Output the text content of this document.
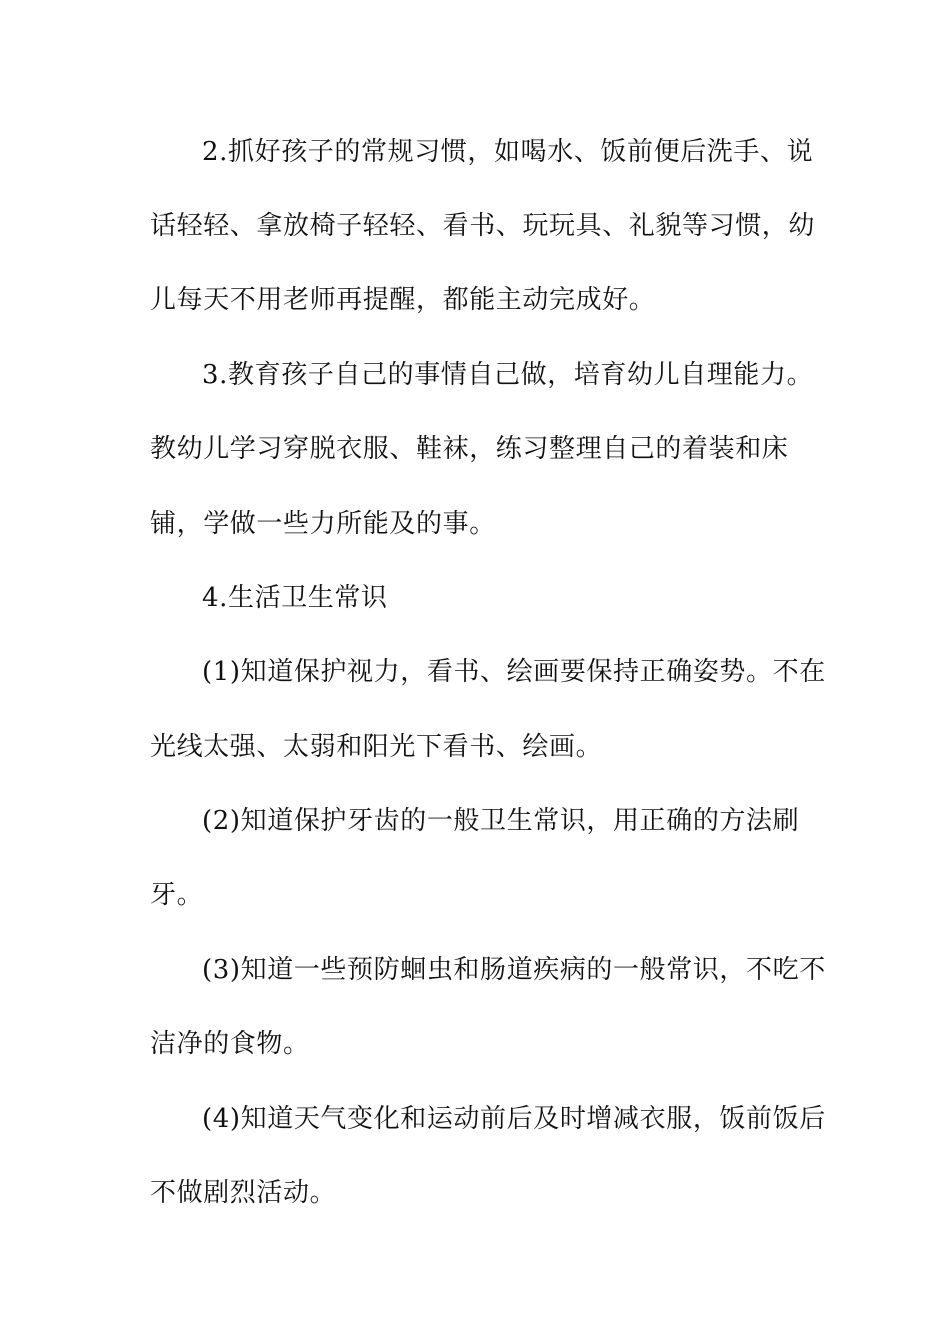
2.抓好孩子的常规习惯，如喝水、饭前便后洗手、说

话轻轻、拿放椅子轻轻、看书、玩玩具、礼貌等习惯，幼

儿每天不用老师再提醒，都能主动完成好。

3.教育孩子自己的事情自己做，培育幼儿自理能力。

教幼儿学习穿脱衣服、鞋袜，练习整理自己的着装和床

铺，学做一些力所能及的事。

4.生活卫生常识

(1)知道保护视力，看书、绘画要保持正确姿势。不在

光线太强、太弱和阳光下看书、绘画。

(2)知道保护牙齿的一般卫生常识，用正确的方法刷

牙。

(3)知道一些预防蛔虫和肠道疾病的一般常识，不吃不

洁净的食物。

(4)知道天气变化和运动前后及时增减衣服，饭前饭后

不做剧烈活动。
